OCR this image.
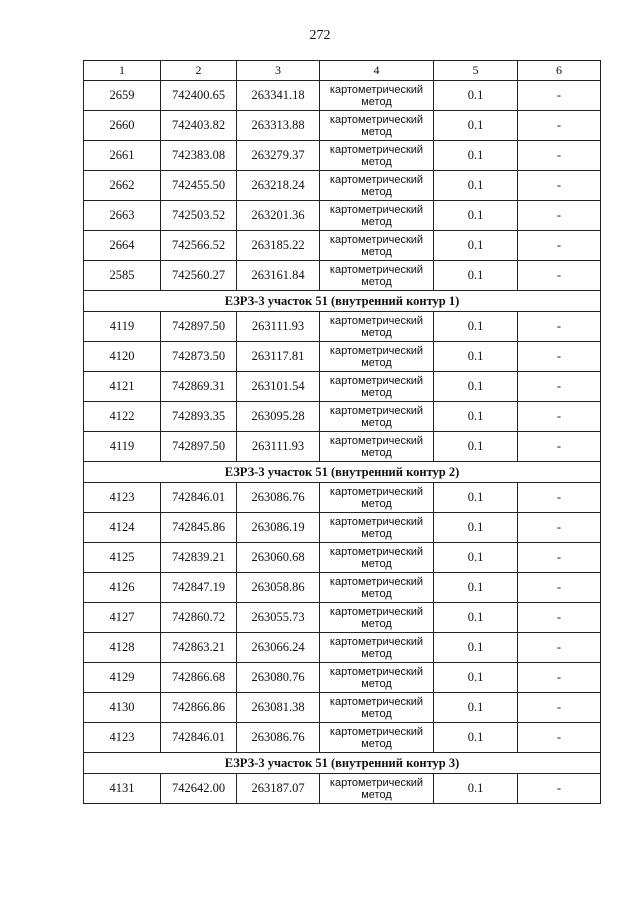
272
1	2	3	4	5	6
2659	742400.65	263341.18	картометрический метод	0.1	-
2660	742403.82	263313.88	картометрический метод	0.1	-
2661	742383.08	263279.37	картометрический метод	0.1	-
2662	742455.50	263218.24	картометрический метод	0.1	-
2663	742503.52	263201.36	картометрический метод	0.1	-
2664	742566.52	263185.22	картометрический метод	0.1	-
2585	742560.27	263161.84	картометрический метод	0.1	-
ЕЗРЗ-3 участок 51 (внутренний контур 1)					
4119	742897.50	263111.93	картометрический метод	0.1	-
4120	742873.50	263117.81	картометрический метод	0.1	-
4121	742869.31	263101.54	картометрический метод	0.1	-
4122	742893.35	263095.28	картометрический метод	0.1	-
4119	742897.50	263111.93	картометрический метод	0.1	-
ЕЗРЗ-3 участок 51 (внутренний контур 2)					
4123	742846.01	263086.76	картометрический метод	0.1	-
4124	742845.86	263086.19	картометрический метод	0.1	-
4125	742839.21	263060.68	картометрический метод	0.1	-
4126	742847.19	263058.86	картометрический метод	0.1	-
4127	742860.72	263055.73	картометрический метод	0.1	-
4128	742863.21	263066.24	картометрический метод	0.1	-
4129	742866.68	263080.76	картометрический метод	0.1	-
4130	742866.86	263081.38	картометрический метод	0.1	-
4123	742846.01	263086.76	картометрический метод	0.1	-
ЕЗРЗ-3 участок 51 (внутренний контур 3)					
4131	742642.00	263187.07	картометрический метод	0.1	-
